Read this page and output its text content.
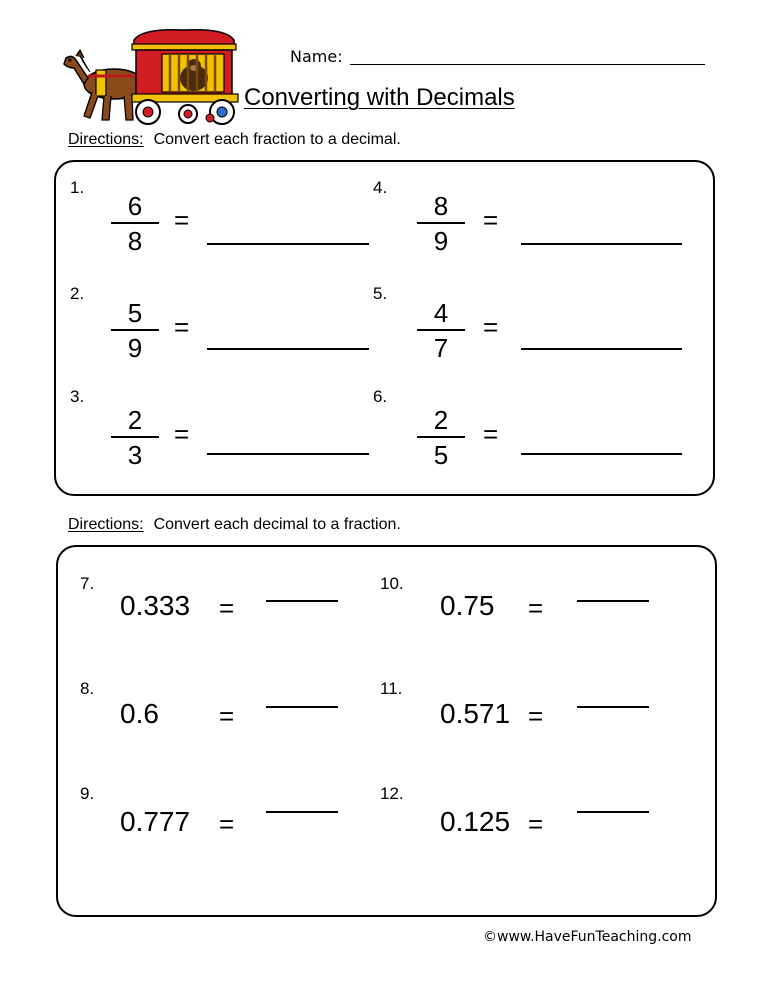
Name:
Converting with Decimals
Directions: Convert each fraction to a decimal.
1.
6
8
=
2.
5
9
=
3.
2
3
=
4.
8
9
=
5.
4
7
=
6.
2
5
=
Directions: Convert each decimal to a fraction.
7.
0.333 =
8.
0.6 =
9.
0.777 =
10.
0.75 =
11.
0.571 =
12.
0.125 =
©www.HaveFunTeaching.com
